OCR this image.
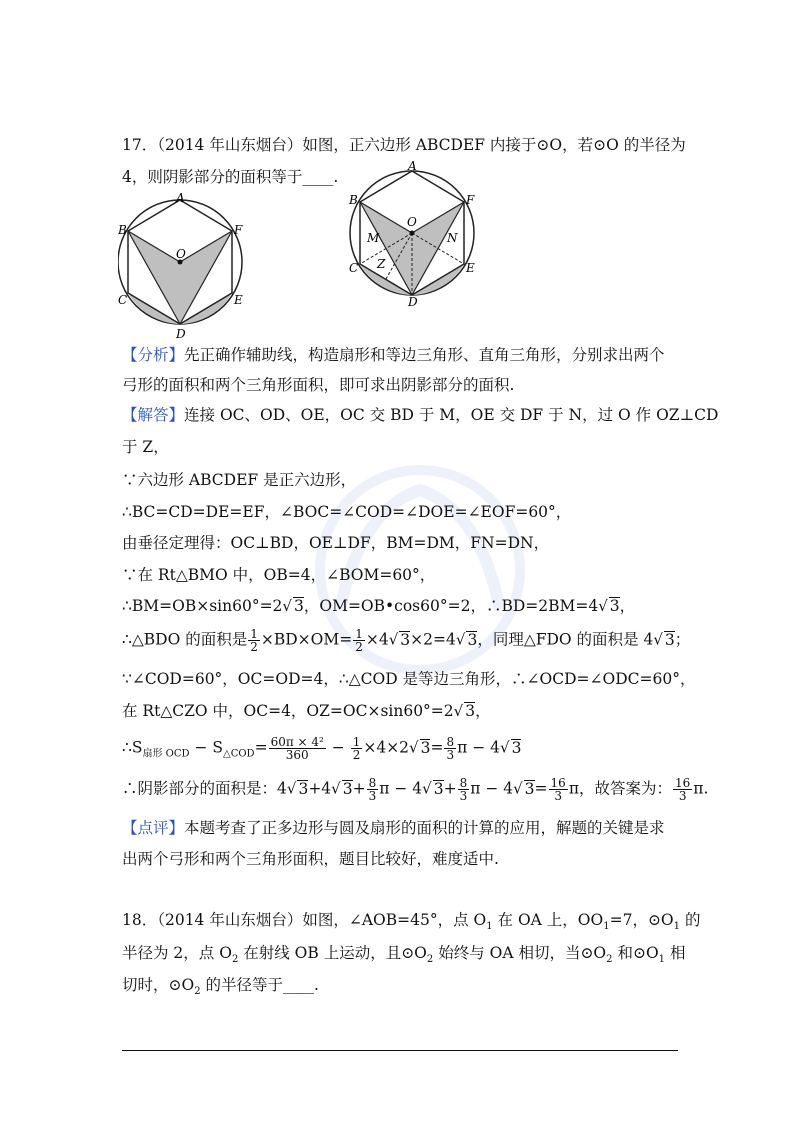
17．（2014 年山东烟台）如图，正六边形 ABCDEF 内接于⊙O，若⊙O 的半径为
4，则阴影部分的面积等于____.
A
B
C
D
E
F
O
A
B
C
D
E
F
O
M	N
Z
【分析】先正确作辅助线，构造扇形和等边三角形、直角三角形，分别求出两个
弓形的面积和两个三角形面积，即可求出阴影部分的面积.
【解答】连接 OC、OD、OE，OC 交 BD 于 M，OE 交 DF 于 N，过 O 作 OZ⊥CD
于 Z，
∵六边形 ABCDEF 是正六边形，
∴BC=CD=DE=EF，∠BOC=∠COD=∠DOE=∠EOF=60°，
由垂径定理得：OC⊥BD，OE⊥DF，BM=DM，FN=DN，
∵在 Rt△BMO 中，OB=4，∠BOM=60°，
∴BM=OB×sin60°=2√ 3，OM=OB•cos60°=2，∴BD=2BM=4√ 3，
∴△BDO 的面积是 $\frac{1}{2} \times BD\times OM= \frac{1}{2} \times 4√$ 3×2=4√ 3，同理△FDO 的面积是 4√ 3；
∵∠COD=60°，OC=OD=4，∴△COD 是等边三角形，∴∠OCD=∠ODC=60°，
在 Rt△CZO 中，OC=4，OZ=OC×sin60°=2√ 3，
$\therefore S_{扇形 OCD} - S_{\triangle COD}= \frac{\text{60π × 4²}}{360} - \frac{1}{2} \times 4\times 2√$ $3= \frac{8}{3}$ π − 4√ 3
∴阴影部分的面积是：4√ 3+4√ $3+ \frac{8}{3}$ π − 4√ $3+ \frac{8}{3}$ π − 4√ $3= \frac{16}{3}$ π，故答案为： $\frac{16}{3} \pi$.
【点评】本题考查了正多边形与圆及扇形的面积的计算的应用，解题的关键是求
出两个弓形和两个三角形面积，题目比较好，难度适中.
18．（2014 年山东烟台）如图，∠AOB=45°，点 $O_1$ 在 OA 上，$OO_1=7$，$⊙O_1$ 的
半径为 2，点 $O_2$ 在射线 OB 上运动，且$⊙O_2$ 始终与 OA 相切，当$⊙O_2$ 和$⊙O_1$ 相
切时，$⊙O_2$ 的半径等于____.
